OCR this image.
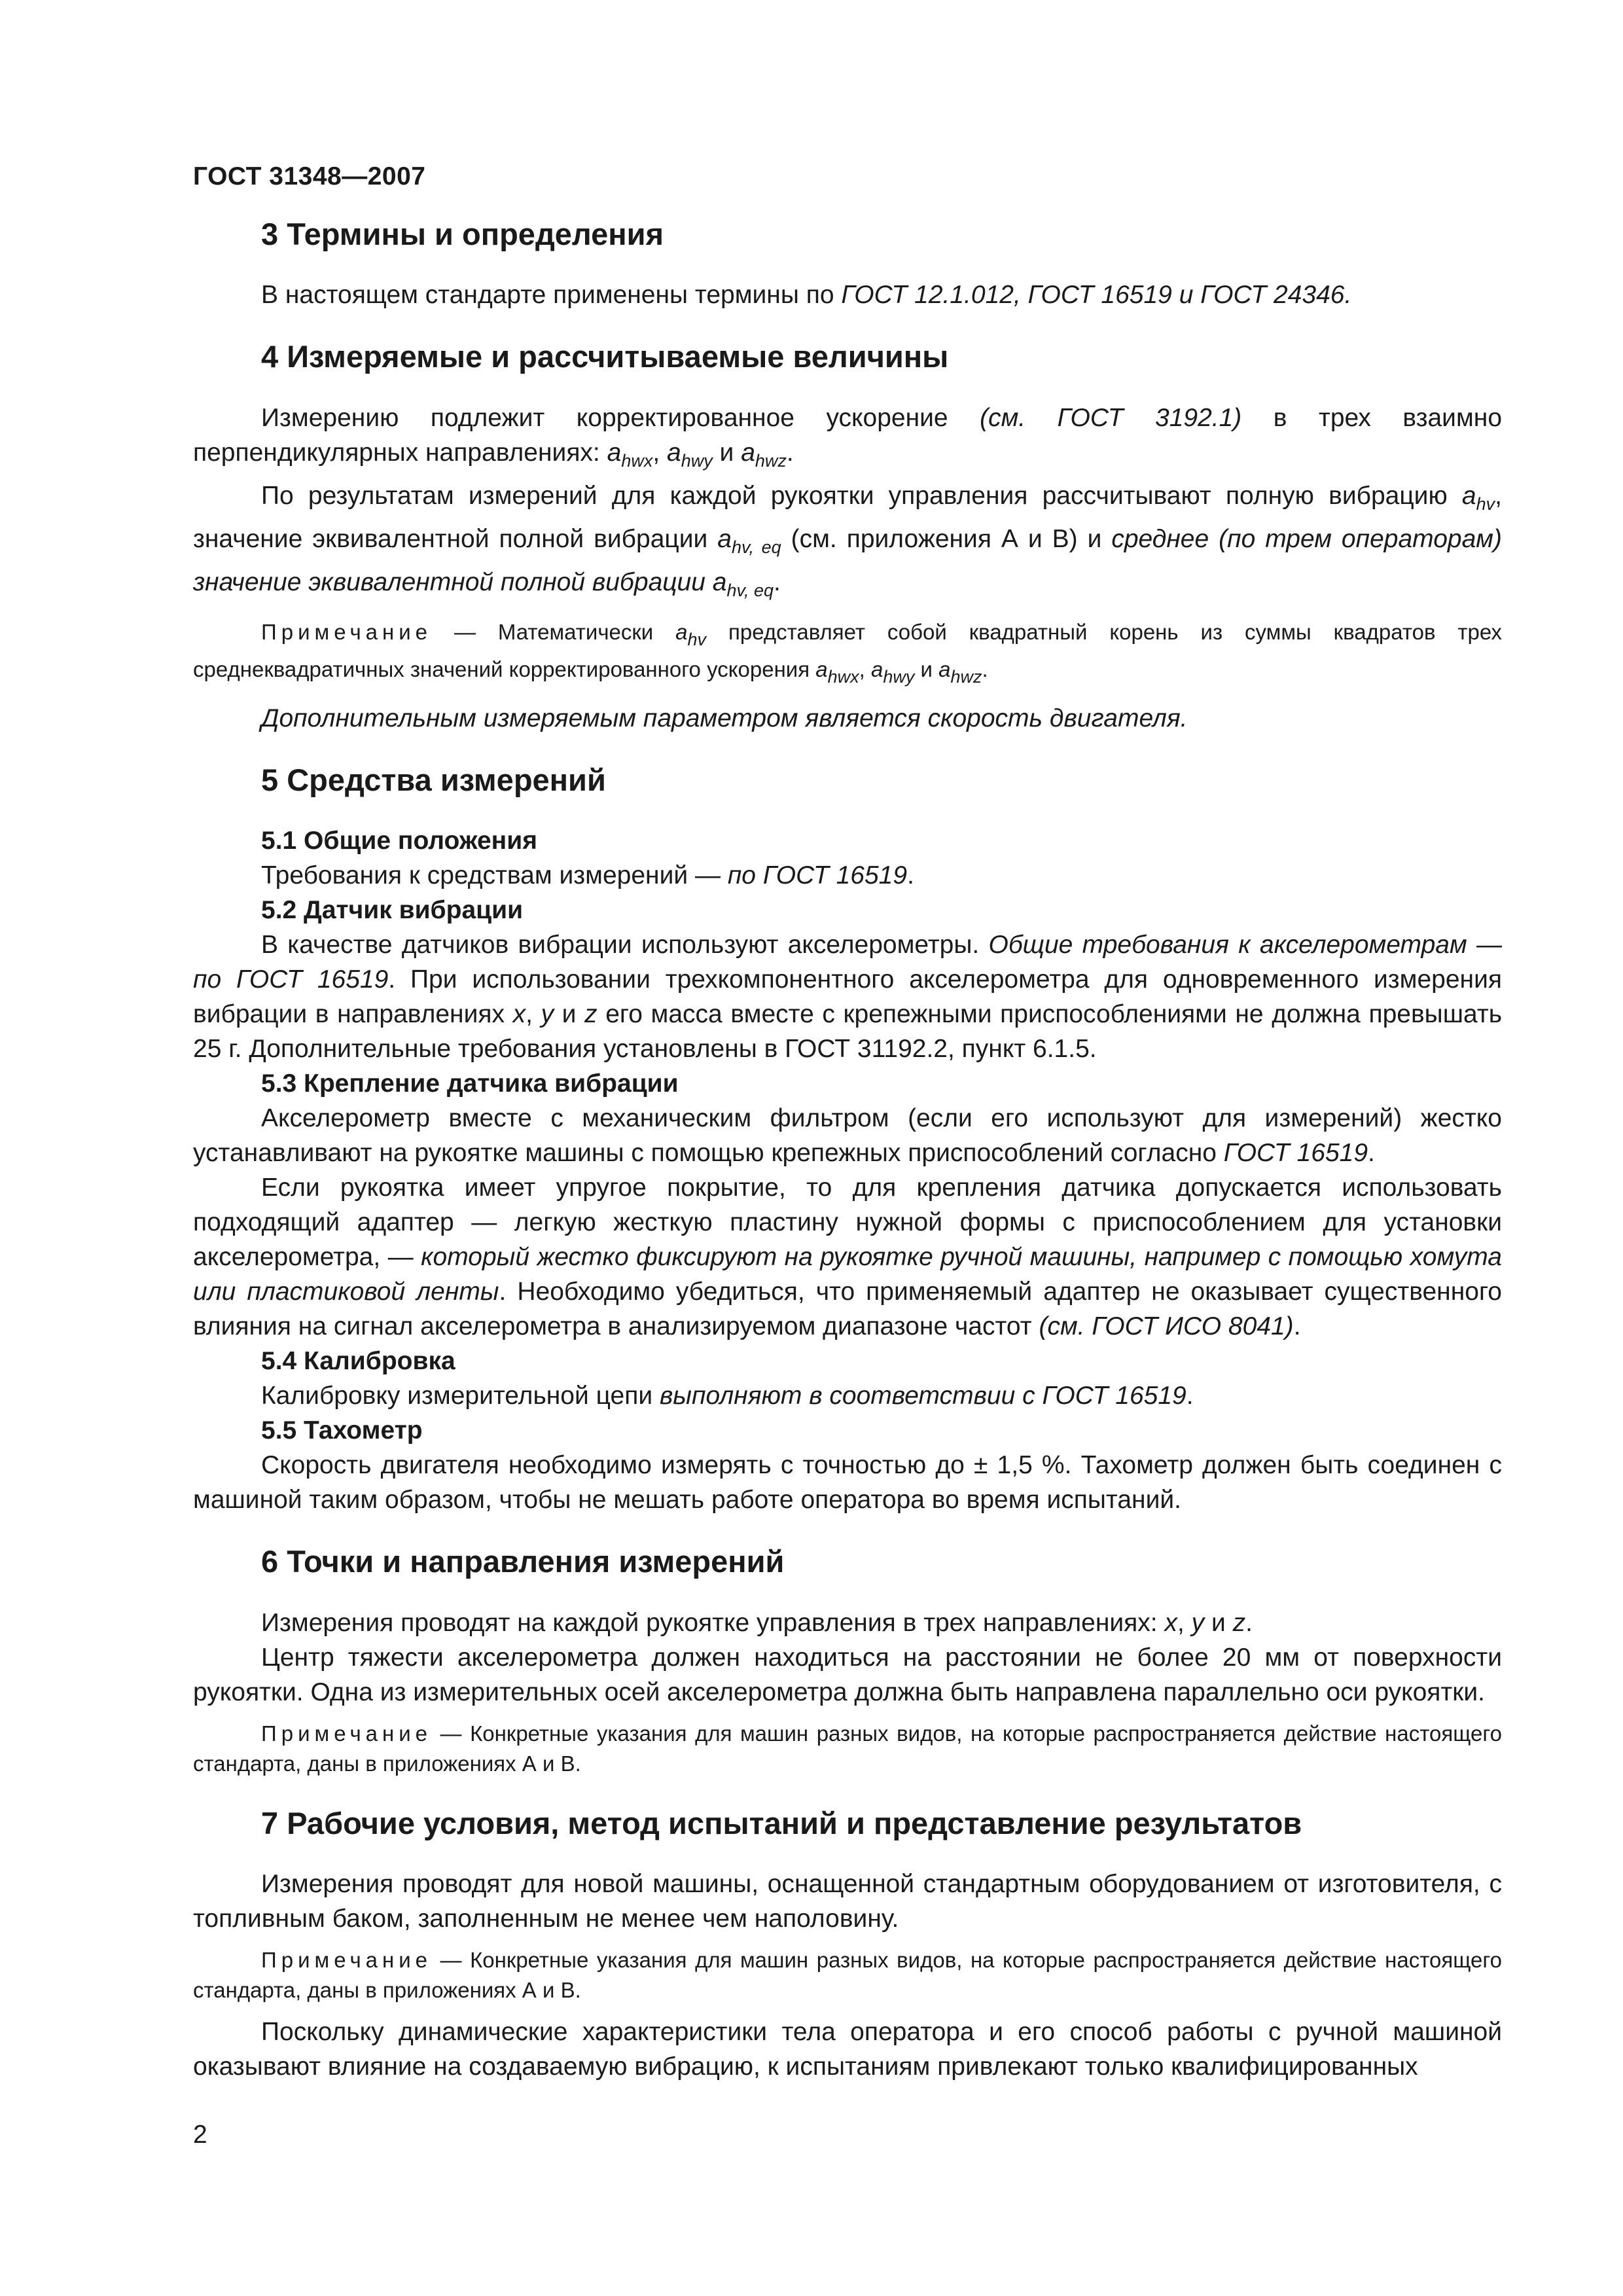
ГОСТ 31348—2007
3 Термины и определения

В настоящем стандарте применены термины по ГОСТ 12.1.012, ГОСТ 16519 и ГОСТ 24346.

4 Измеряемые и рассчитываемые величины

Измерению подлежит корректированное ускорение (см. ГОСТ 3192.1) в трех взаимно перпендикулярных направлениях: $a_{hwx}$, $a_{hwy}$ и $a_{hwz}$.

По результатам измерений для каждой рукоятки управления рассчитывают полную вибрацию $a_{hv}$, значение эквивалентной полной вибрации $a_{hv, eq}$ (см. приложения А и В) и среднее (по трем операторам) значение эквивалентной полной вибрации $a_{hv, eq}$.

Примечание — Математически $a_{hv}$ представляет собой квадратный корень из суммы квадратов трех среднеквадратичных значений корректированного ускорения $a_{hwx}$, $a_{hwy}$ и $a_{hwz}$.

Дополнительным измеряемым параметром является скорость двигателя.

5 Средства измерений
5.1 Общие положения

Требования к средствам измерений — по ГОСТ 16519.

5.2 Датчик вибрации

В качестве датчиков вибрации используют акселерометры. Общие требования к акселерометрам — по ГОСТ 16519. При использовании трехкомпонентного акселерометра для одновременного измерения вибрации в направлениях x, y и z его масса вместе с крепежными приспособлениями не должна превышать 25 г. Дополнительные требования установлены в ГОСТ 31192.2, пункт 6.1.5.

5.3 Крепление датчика вибрации

Акселерометр вместе с механическим фильтром (если его используют для измерений) жестко устанавливают на рукоятке машины с помощью крепежных приспособлений согласно ГОСТ 16519.

Если рукоятка имеет упругое покрытие, то для крепления датчика допускается использовать подходящий адаптер — легкую жесткую пластину нужной формы с приспособлением для установки акселерометра, — который жестко фиксируют на рукоятке ручной машины, например с помощью хомута или пластиковой ленты. Необходимо убедиться, что применяемый адаптер не оказывает существенного влияния на сигнал акселерометра в анализируемом диапазоне частот (см. ГОСТ ИСО 8041).

5.4 Калибровка

Калибровку измерительной цепи выполняют в соответствии с ГОСТ 16519.

5.5 Тахометр

Скорость двигателя необходимо измерять с точностью до ± 1,5 %. Тахометр должен быть соединен с машиной таким образом, чтобы не мешать работе оператора во время испытаний.

6 Точки и направления измерений

Измерения проводят на каждой рукоятке управления в трех направлениях: x, y и z.

Центр тяжести акселерометра должен находиться на расстоянии не более 20 мм от поверхности рукоятки. Одна из измерительных осей акселерометра должна быть направлена параллельно оси рукоятки.

Примечание — Конкретные указания для машин разных видов, на которые распространяется действие настоящего стандарта, даны в приложениях А и В.

7 Рабочие условия, метод испытаний и представление результатов

Измерения проводят для новой машины, оснащенной стандартным оборудованием от изготовителя, с топливным баком, заполненным не менее чем наполовину.

Примечание — Конкретные указания для машин разных видов, на которые распространяется действие настоящего стандарта, даны в приложениях А и В.

Поскольку динамические характеристики тела оператора и его способ работы с ручной машиной оказывают влияние на создаваемую вибрацию, к испытаниям привлекают только квалифицированных

2
